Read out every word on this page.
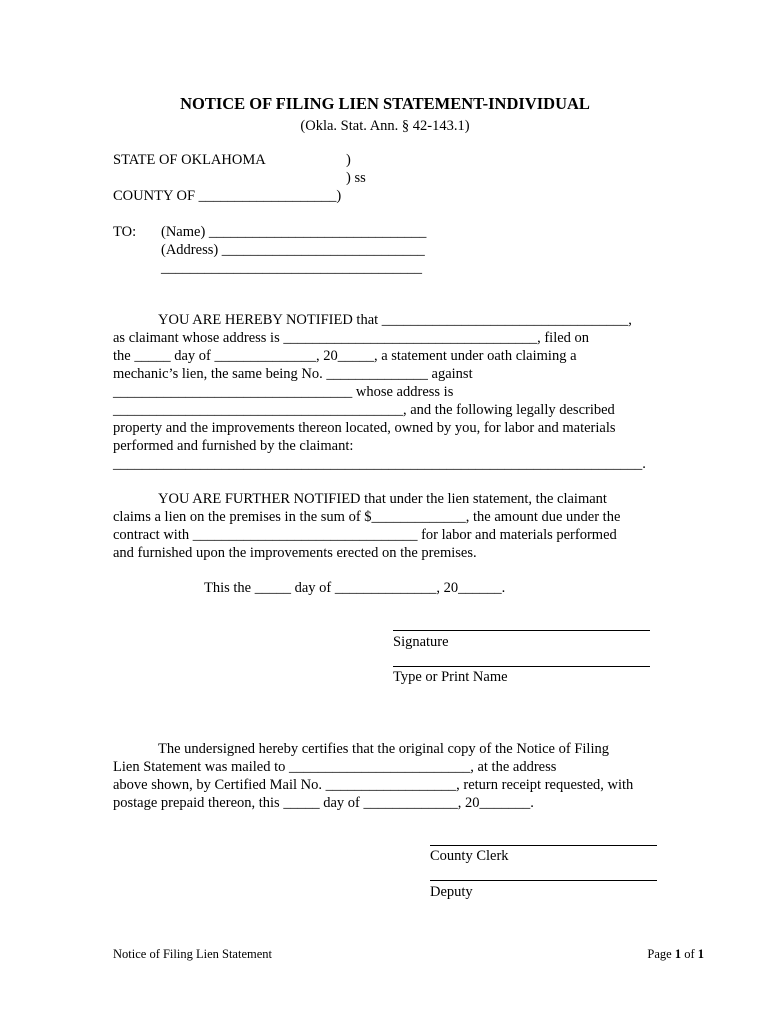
NOTICE OF FILING LIEN STATEMENT-INDIVIDUAL
(Okla. Stat. Ann. § 42-143.1)
STATE OF OKLAHOMA	)
) ss
COUNTY OF ___________________)
TO: (Name) ______________________________
(Address) ____________________________
____________________________________
YOU ARE HEREBY NOTIFIED that __________________________________,
as claimant whose address is ___________________________________, filed on
the _____ day of ______________, 20_____, a statement under oath claiming a
mechanic’s lien, the same being No. ______________ against
_________________________________ whose address is
________________________________________, and the following legally described
property and the improvements thereon located, owned by you, for labor and materials
performed and furnished by the claimant:
_________________________________________________________________________.
YOU ARE FURTHER NOTIFIED that under the lien statement, the claimant
claims a lien on the premises in the sum of $_____________, the amount due under the
contract with _______________________________ for labor and materials performed
and furnished upon the improvements erected on the premises.
This the _____ day of ______________, 20______.
Signature
Type or Print Name
The undersigned hereby certifies that the original copy of the Notice of Filing
Lien Statement was mailed to _________________________, at the address
above shown, by Certified Mail No. __________________, return receipt requested, with
postage prepaid thereon, this _____ day of _____________, 20_______.
County Clerk
Deputy
Notice of Filing Lien Statement	Page 1 of 1
